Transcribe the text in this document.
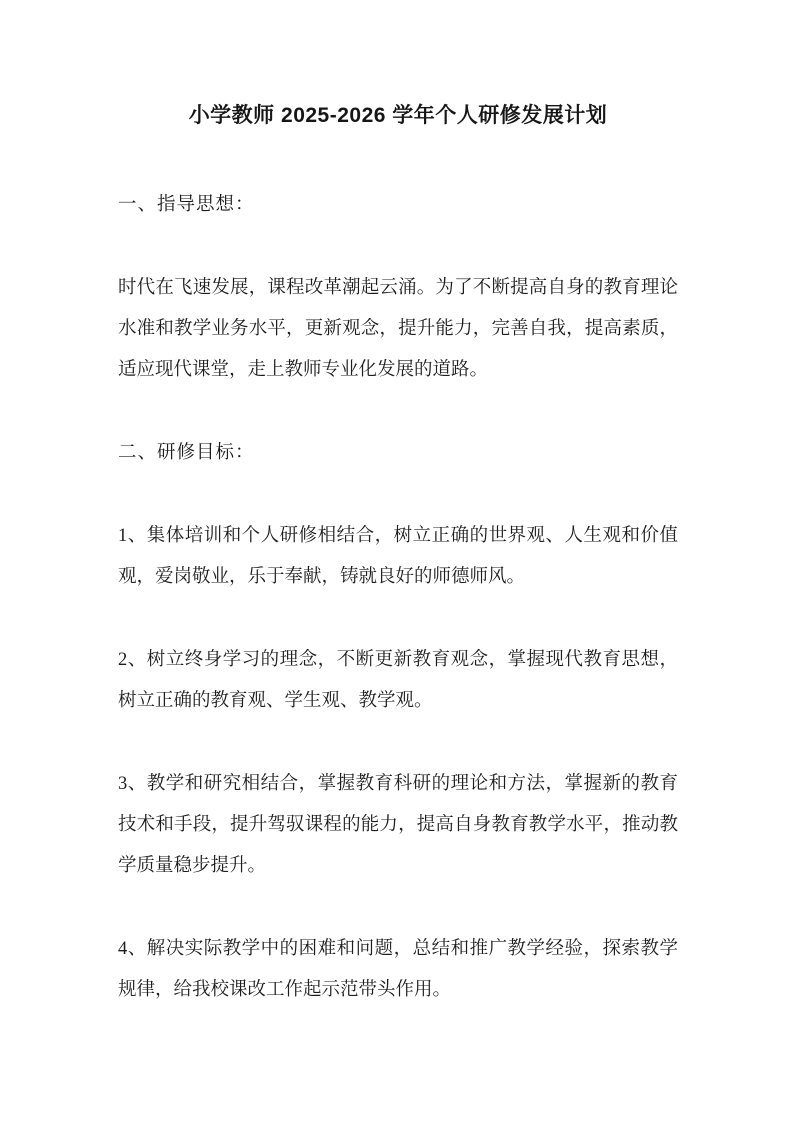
小学教师 2025-2026 学年个人研修发展计划

一、指导思想：

时代在飞速发展，课程改革潮起云涌。为了不断提高自身的教育理论水准和教学业务水平，更新观念，提升能力，完善自我，提高素质，适应现代课堂，走上教师专业化发展的道路。

二、研修目标：

1、集体培训和个人研修相结合，树立正确的世界观、人生观和价值观，爱岗敬业，乐于奉献，铸就良好的师德师风。

2、树立终身学习的理念，不断更新教育观念，掌握现代教育思想，树立正确的教育观、学生观、教学观。

3、教学和研究相结合，掌握教育科研的理论和方法，掌握新的教育技术和手段，提升驾驭课程的能力，提高自身教育教学水平，推动教学质量稳步提升。

4、解决实际教学中的困难和问题，总结和推广教学经验，探索教学规律，给我校课改工作起示范带头作用。
